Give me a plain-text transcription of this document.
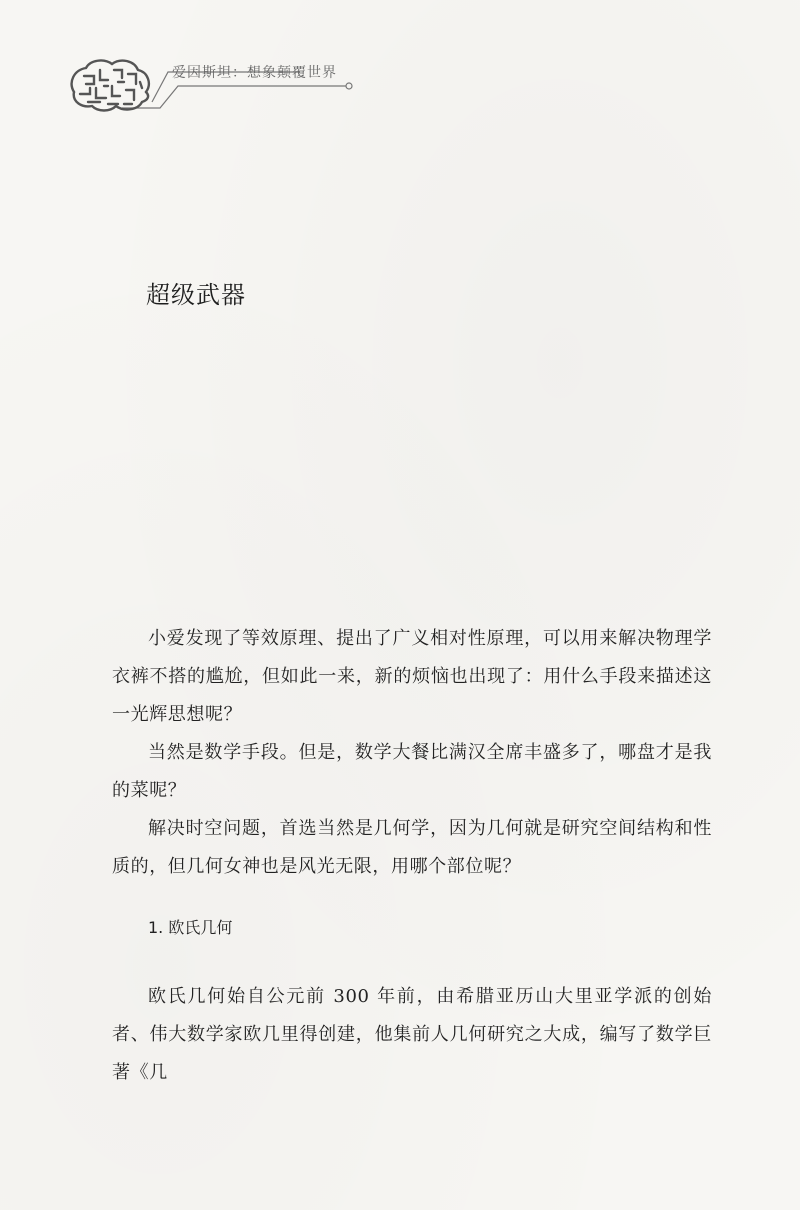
爱因斯坦：想象颠覆世界
超级武器

小爱发现了等效原理、提出了广义相对性原理，可以用来解决物理学衣裤不搭的尴尬，但如此一来，新的烦恼也出现了：用什么手段来描述这一光辉思想呢？

当然是数学手段。但是，数学大餐比满汉全席丰盛多了，哪盘才是我的菜呢？

解决时空问题，首选当然是几何学，因为几何就是研究空间结构和性质的，但几何女神也是风光无限，用哪个部位呢？

1. 欧氏几何

欧氏几何始自公元前 300 年前，由希腊亚历山大里亚学派的创始者、伟大数学家欧几里得创建，他集前人几何研究之大成，编写了数学巨著《几
